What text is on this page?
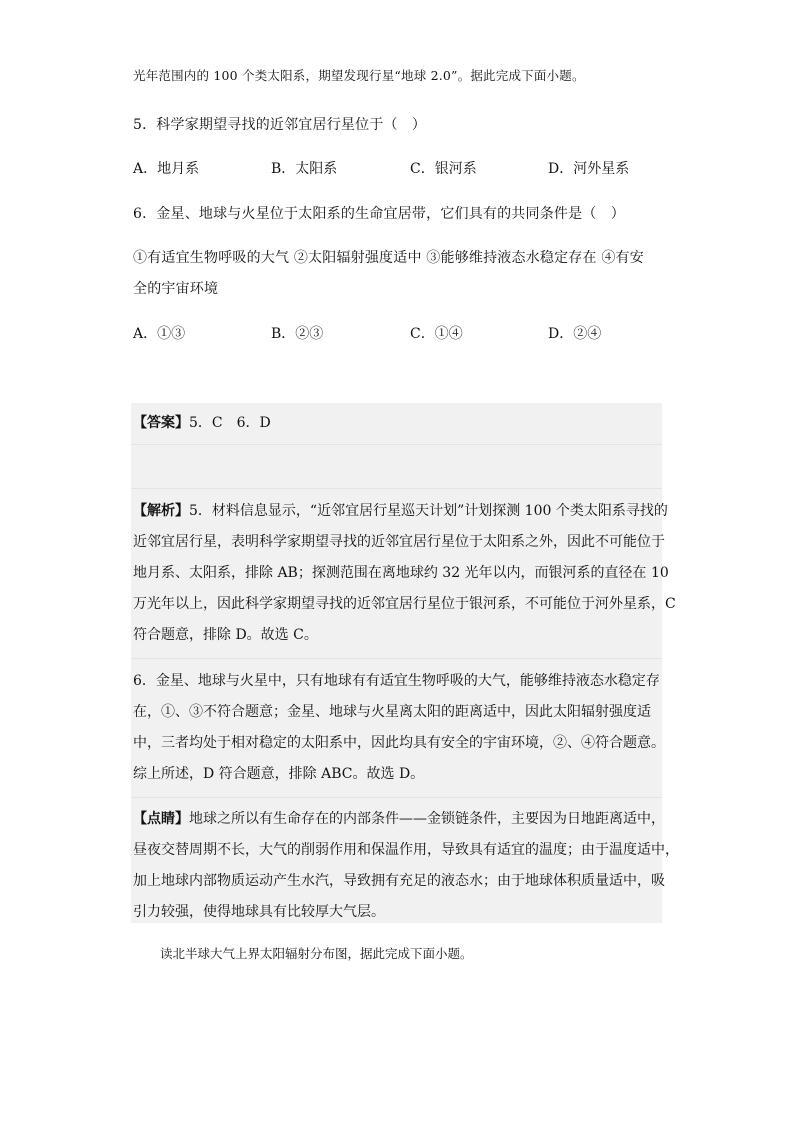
光年范围内的 100 个类太阳系，期望发现行星“地球 2.0”。据此完成下面小题。
5．科学家期望寻找的近邻宜居行星位于（　）
A．地月系	B．太阳系	C．银河系	D．河外星系
6．金星、地球与火星位于太阳系的生命宜居带，它们具有的共同条件是（　）
①有适宜生物呼吸的大气 ②太阳辐射强度适中 ③能够维持液态水稳定存在 ④有安
全的宇宙环境
A．①③	B．②③	C．①④	D．②④
【答案】5．C　6．D
【解析】5．材料信息显示，“近邻宜居行星巡天计划”计划探测 100 个类太阳系寻找的
近邻宜居行星，表明科学家期望寻找的近邻宜居行星位于太阳系之外，因此不可能位于
地月系、太阳系，排除 AB；探测范围在离地球约 32 光年以内，而银河系的直径在 10
万光年以上，因此科学家期望寻找的近邻宜居行星位于银河系，不可能位于河外星系，C
符合题意，排除 D。故选 C。
6．金星、地球与火星中，只有地球有有适宜生物呼吸的大气，能够维持液态水稳定存
在，①、③不符合题意；金星、地球与火星离太阳的距离适中，因此太阳辐射强度适
中，三者均处于相对稳定的太阳系中，因此均具有安全的宇宙环境，②、④符合题意。
综上所述，D 符合题意，排除 ABC。故选 D。
【点睛】地球之所以有生命存在的内部条件——金锁链条件，主要因为日地距离适中，
昼夜交替周期不长，大气的削弱作用和保温作用，导致具有适宜的温度；由于温度适中，
加上地球内部物质运动产生水汽，导致拥有充足的液态水；由于地球体积质量适中，吸
引力较强，使得地球具有比较厚大气层。
读北半球大气上界太阳辐射分布图，据此完成下面小题。
